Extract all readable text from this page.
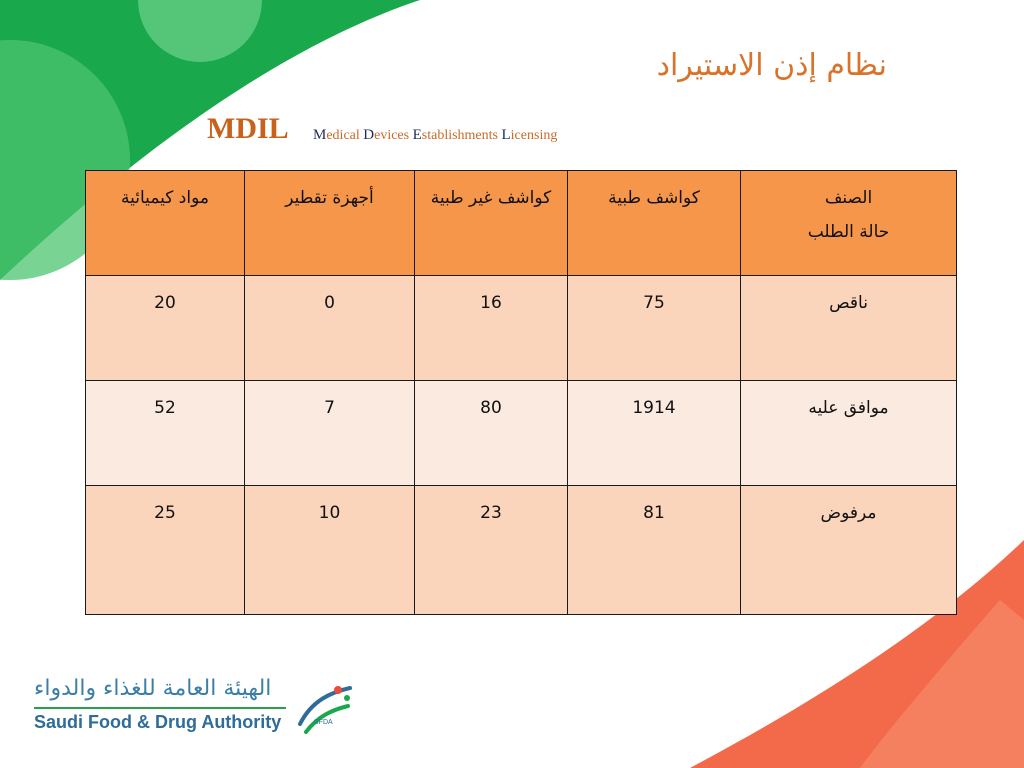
نظام إذن الاستيراد
MDIL Medical Devices Establishments Licensing
الصنف
حالة الطلب	كواشف طبية	كواشف غير طبية	أجهزة تقطير	مواد كيميائية
ناقص	75	16	0	20
موافق عليه	1914	80	7	52
مرفوض	81	23	10	25
الهيئة العامة للغذاء والدواء
Saudi Food & Drug Authority	SFDA
